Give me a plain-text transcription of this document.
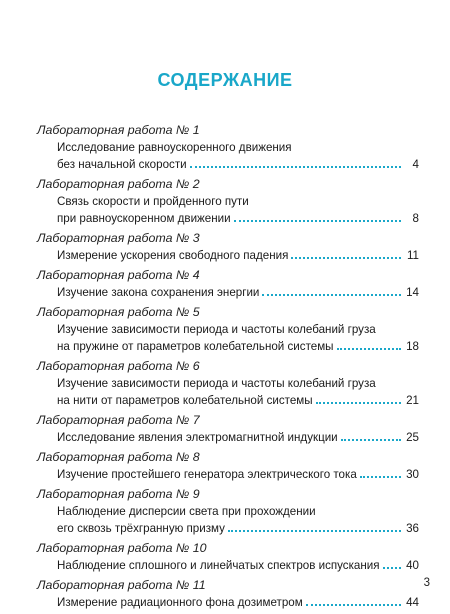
СОДЕРЖАНИЕ
Лабораторная работа № 1
Исследование равноускоренного движения
без начальной скорости	4
Лабораторная работа № 2
Связь скорости и пройденного пути
при равноускоренном движении	8
Лабораторная работа № 3
Измерение ускорения свободного падения	11
Лабораторная работа № 4
Изучение закона сохранения энергии	14
Лабораторная работа № 5
Изучение зависимости периода и частоты колебаний груза
на пружине от параметров колебательной системы	18
Лабораторная работа № 6
Изучение зависимости периода и частоты колебаний груза
на нити от параметров колебательной системы	21
Лабораторная работа № 7
Исследование явления электромагнитной индукции	25
Лабораторная работа № 8
Изучение простейшего генератора электрического тока	30
Лабораторная работа № 9
Наблюдение дисперсии света при прохождении
его сквозь трёхгранную призму	36
Лабораторная работа № 10
Наблюдение сплошного и линейчатых спектров испускания 40
Лабораторная работа № 11
Измерение радиационного фона дозиметром	44
3
